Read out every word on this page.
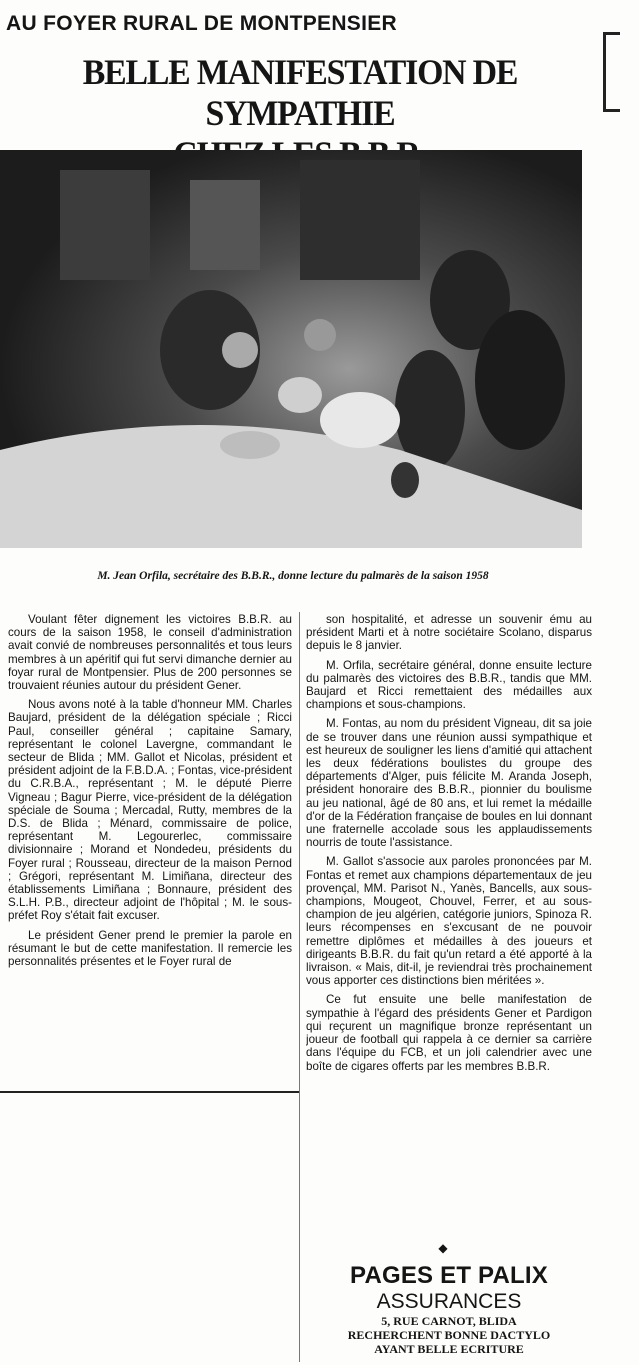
AU FOYER RURAL DE MONTPENSIER
BELLE MANIFESTATION DE SYMPATHIE
M. Jean Orfila, secrétaire des B.B.R., donne lecture du palmarès de la saison 1958

Voulant fêter dignement les victoires B.B.R. au cours de la saison 1958, le conseil d'administration avait convié de nombreuses personnalités et tous leurs membres à un apéritif qui fut servi dimanche dernier au foyar rural de Montpensier. Plus de 200 personnes se trouvaient réunies autour du président Gener.

Nous avons noté à la table d'honneur MM. Charles Baujard, président de la délégation spéciale ; Ricci Paul, conseiller général ; capitaine Samary, représentant le colonel Lavergne, commandant le secteur de Blida ; MM. Gallot et Nicolas, président et président adjoint de la F.B.D.A. ; Fontas, vice-président du C.R.B.A., représentant ; M. le député Pierre Vigneau ; Bagur Pierre, vice-président de la délégation spéciale de Souma ; Mercadal, Rutty, membres de la D.S. de Blida ; Ménard, commissaire de police, représentant M. Legourerlec, commissaire divisionnaire ; Morand et Nondedeu, présidents du Foyer rural ; Rousseau, directeur de la maison Pernod ; Grégori, représentant M. Limiñana, directeur des établissements Limiñana ; Bonnaure, président des S.L.H. P.B., directeur adjoint de l'hôpital ; M. le sous-préfet Roy s'était fait excuser.

Le président Gener prend le premier la parole en résumant le but de cette manifestation. Il remercie les personnalités présentes et le Foyer rural de

son hospitalité, et adresse un souvenir ému au président Marti et à notre sociétaire Scolano, disparus depuis le 8 janvier.

M. Orfila, secrétaire général, donne ensuite lecture du palmarès des victoires des B.B.R., tandis que MM. Baujard et Ricci remettaient des médailles aux champions et sous-champions.

M. Fontas, au nom du président Vigneau, dit sa joie de se trouver dans une réunion aussi sympathique et est heureux de souligner les liens d'amitié qui attachent les deux fédérations boulistes du groupe des départements d'Alger, puis félicite M. Aranda Joseph, président honoraire des B.B.R., pionnier du boulisme au jeu national, âgé de 80 ans, et lui remet la médaille d'or de la Fédération française de boules en lui donnant une fraternelle accolade sous les applaudissements nourris de toute l'assistance.

M. Gallot s'associe aux paroles prononcées par M. Fontas et remet aux champions départementaux de jeu provençal, MM. Parisot N., Yanès, Bancells, aux sous-champions, Mougeot, Chouvel, Ferrer, et au sous-champion de jeu algérien, catégorie juniors, Spinoza R. leurs récompenses en s'excusant de ne pouvoir remettre diplômes et médailles à des joueurs et dirigeants B.B.R. du fait qu'un retard a été apporté à la livraison. « Mais, dit-il, je reviendrai très prochainement vous apporter ces distinctions bien méritées ».

Ce fut ensuite une belle manifestation de sympathie à l'égard des présidents Gener et Pardigon qui reçurent un magnifique bronze représentant un joueur de football qui rappela à ce dernier sa carrière dans l'équipe du FCB, et un joli calendrier avec une boîte de cigares offerts par les membres B.B.R.

◆
PAGES ET PALIX
ASSURANCES
5, RUE CARNOT, BLIDA
RECHERCHENT BONNE DACTYLO
AYANT BELLE ECRITURE
